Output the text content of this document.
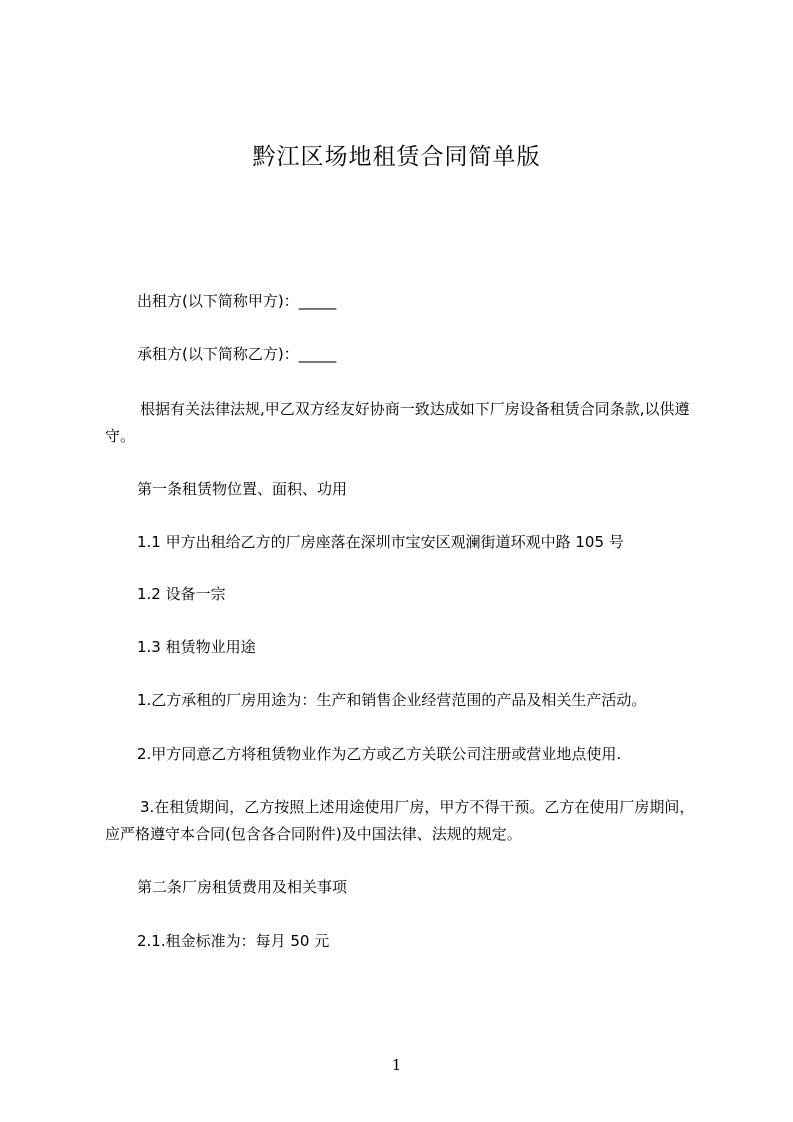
黔江区场地租赁合同简单版
出租方(以下简称甲方)：_____
承租方(以下简称乙方)：_____
根据有关法律法规,甲乙双方经友好协商一致达成如下厂房设备租赁合同条款,以供遵守。
第一条租赁物位置、面积、功用
1.1 甲方出租给乙方的厂房座落在深圳市宝安区观澜街道环观中路 105 号
1.2 设备一宗
1.3 租赁物业用途
1.乙方承租的厂房用途为：生产和销售企业经营范围的产品及相关生产活动。
2.甲方同意乙方将租赁物业作为乙方或乙方关联公司注册或营业地点使用.
3.在租赁期间，乙方按照上述用途使用厂房，甲方不得干预。乙方在使用厂房期间，应严格遵守本合同(包含各合同附件)及中国法律、法规的规定。
第二条厂房租赁费用及相关事项
2.1.租金标准为：每月 50 元
1
